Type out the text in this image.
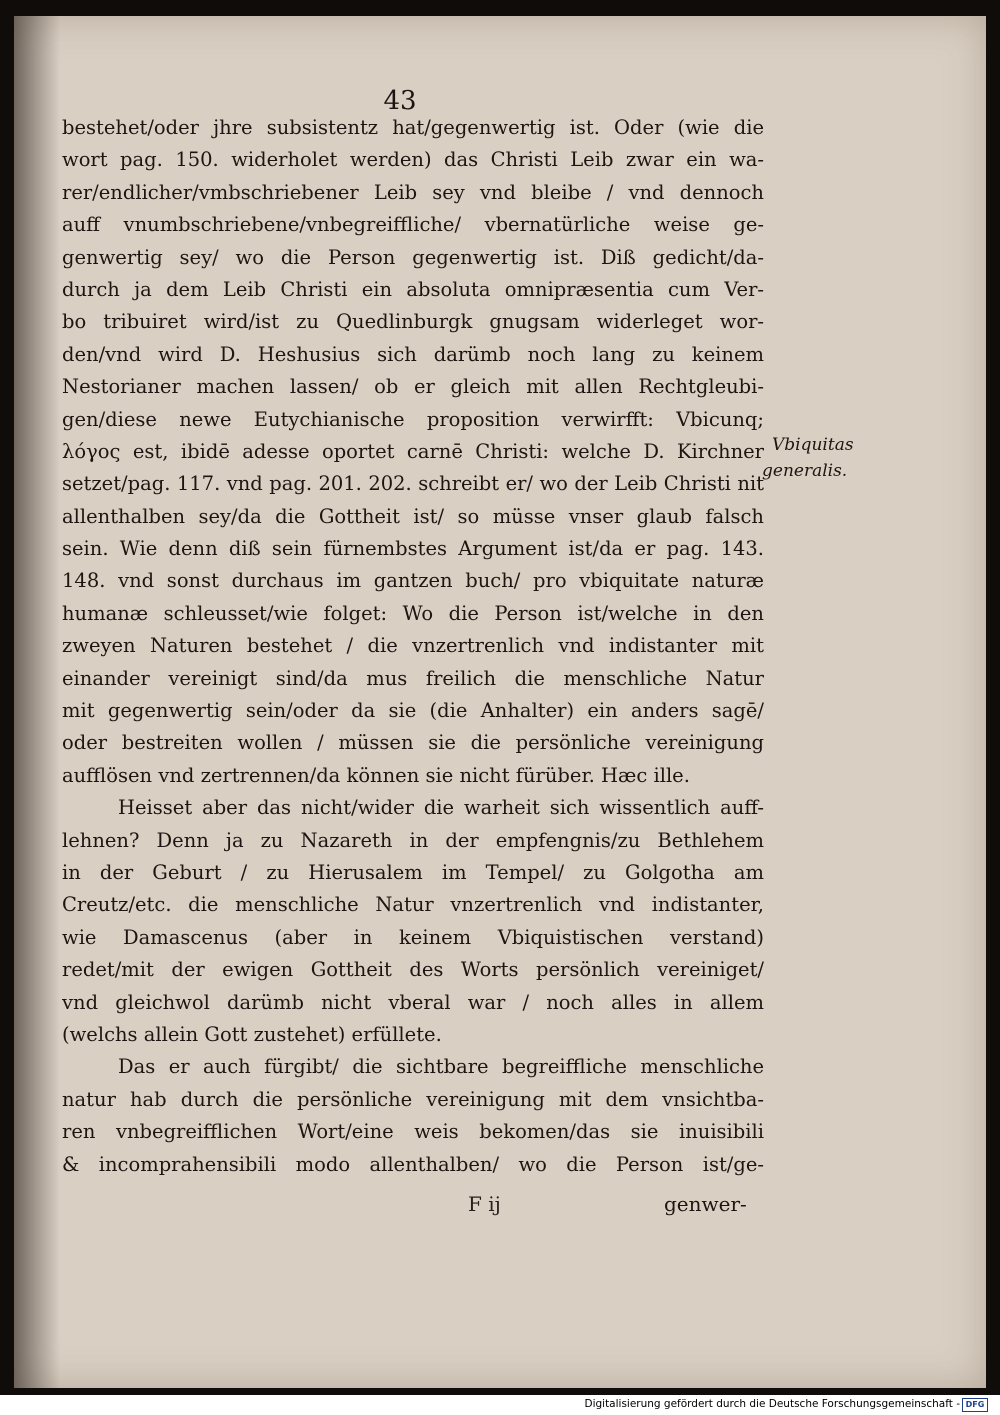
43
bestehet/oder jhre subsistentz hat/gegenwertig ist. Oder (wie die
wort pag. 150. widerholet werden) das Christi Leib zwar ein wa-
rer/endlicher/vmbschriebener Leib sey vnd bleibe / vnd dennoch
auff vnumbschriebene/vnbegreiffliche/ vbernatürliche weise ge-
genwertig sey/ wo die Person gegenwertig ist. Diß gedicht/da-
durch ja dem Leib Christi ein absoluta omnipræsentia cum Ver-
bo tribuiret wird/ist zu Quedlinburgk gnugsam widerleget wor-
den/vnd wird D. Heshusius sich darümb noch lang zu keinem
Nestorianer machen lassen/ ob er gleich mit allen Rechtgleubi-
gen/diese newe Eutychianische proposition verwirfft: Vbicunq;
λόγος est, ibidē adesse oportet carnē Christi: welche D. Kirchner
setzet/pag. 117. vnd pag. 201. 202. schreibt er/ wo der Leib Christi nit
allenthalben sey/da die Gottheit ist/ so müsse vnser glaub falsch
sein. Wie denn diß sein fürnembstes Argument ist/da er pag. 143.
148. vnd sonst durchaus im gantzen buch/ pro vbiquitate naturæ
humanæ schleusset/wie folget: Wo die Person ist/welche in den
zweyen Naturen bestehet / die vnzertrenlich vnd indistanter mit
einander vereinigt sind/da mus freilich die menschliche Natur
mit gegenwertig sein/oder da sie (die Anhalter) ein anders sagē/
oder bestreiten wollen / müssen sie die persönliche vereinigung
aufflösen vnd zertrennen/da können sie nicht fürüber. Hæc ille.
Heisset aber das nicht/wider die warheit sich wissentlich auff-
lehnen? Denn ja zu Nazareth in der empfengnis/zu Bethlehem
in der Geburt / zu Hierusalem im Tempel/ zu Golgotha am
Creutz/etc. die menschliche Natur vnzertrenlich vnd indistanter,
wie Damascenus (aber in keinem Vbiquistischen verstand)
redet/mit der ewigen Gottheit des Worts persönlich vereiniget/
vnd gleichwol darümb nicht vberal war / noch alles in allem
(welchs allein Gott zustehet) erfüllete.
Das er auch fürgibt/ die sichtbare begreiffliche menschliche
natur hab durch die persönliche vereinigung mit dem vnsichtba-
ren vnbegreifflichen Wort/eine weis bekomen/das sie inuisibili
& incomprahensibili modo allenthalben/ wo die Person ist/ge-
Vbiquitas
generalis.
F ij	genwer-
Digitalisierung gefördert durch die Deutsche Forschungsgemeinschaft - DFG
